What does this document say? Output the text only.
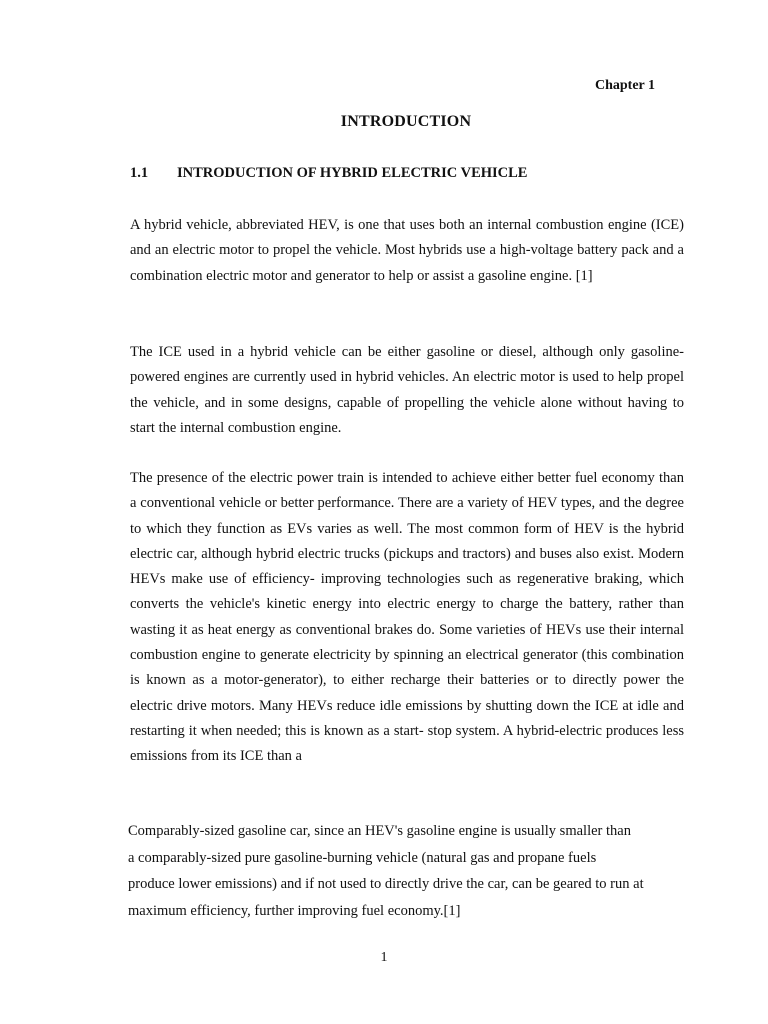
Chapter 1
INTRODUCTION
1.1 INTRODUCTION OF HYBRID ELECTRIC VEHICLE
A hybrid vehicle, abbreviated HEV, is one that uses both an internal combustion engine (ICE) and an electric motor to propel the vehicle. Most hybrids use a high-voltage battery pack and a combination electric motor and generator to help or assist a gasoline engine. [1]
The ICE used in a hybrid vehicle can be either gasoline or diesel, although only gasoline- powered engines are currently used in hybrid vehicles. An electric motor is used to help propel the vehicle, and in some designs, capable of propelling the vehicle alone without having to start the internal combustion engine.
The presence of the electric power train is intended to achieve either better fuel economy than a conventional vehicle or better performance. There are a variety of HEV types, and the degree to which they function as EVs varies as well. The most common form of HEV is the hybrid electric car, although hybrid electric trucks (pickups and tractors) and buses also exist. Modern HEVs make use of efficiency- improving technologies such as regenerative braking, which converts the vehicle's kinetic energy into electric energy to charge the battery, rather than wasting it as heat energy as conventional brakes do. Some varieties of HEVs use their internal combustion engine to generate electricity by spinning an electrical generator (this combination is known as a motor-generator), to either recharge their batteries or to directly power the electric drive motors. Many HEVs reduce idle emissions by shutting down the ICE at idle and restarting it when needed; this is known as a start- stop system. A hybrid-electric produces less emissions from its ICE than a
Comparably-sized gasoline car, since an HEV's gasoline engine is usually smaller than
a comparably-sized pure gasoline-burning vehicle (natural gas and propane fuels
produce lower emissions) and if not used to directly drive the car, can be geared to run at
maximum efficiency, further improving fuel economy.[1]
1
